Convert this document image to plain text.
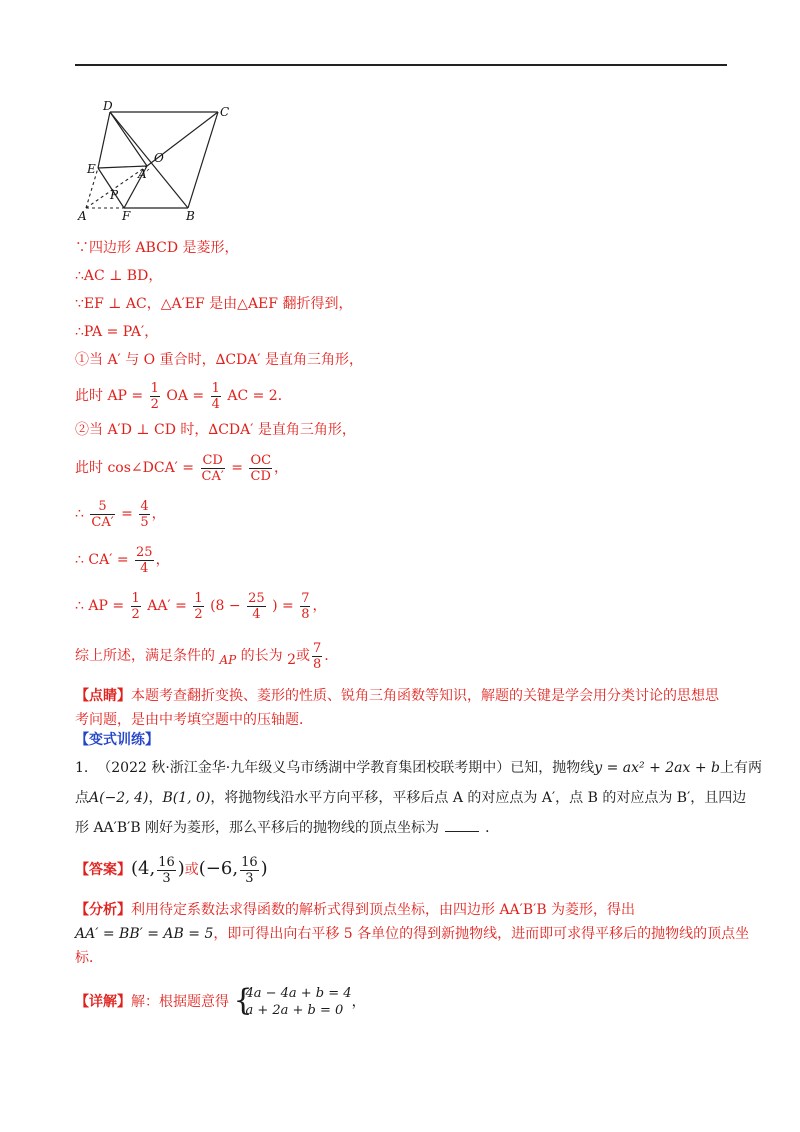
D	C
E
O
A′
P
A	F	B
∵四边形 ABCD 是菱形，
∴AC ⊥ BD，
∵EF ⊥ AC，△A′EF 是由△AEF 翻折得到，
∴PA = PA′，
①当 A′ 与 O 重合时，∆CDA′ 是直角三角形，
此时 AP = $\frac{1}{2}$ OA = $\frac{1}{4}$ AC = 2．
②当 A′D ⊥ CD 时，∆CDA′ 是直角三角形，
此时 cos∠DCA′ = $\frac{CD}{CA'} = \frac{OC}{CD}$ ，
∴ $\frac{5}{CA'} = \frac{4}{5}$ ，
∴ $CA' = \frac{25}{4}$ ，
∴ AP = $\frac{1}{2} AA' = \frac{1}{2} (8 - \frac{25}{4}$ ) = $\frac{7}{8}$ ，
综上所述，满足条件的 AP 的长为 2或 $\frac{7}{8}$ ．
【点睛】本题考查翻折变换、菱形的性质、锐角三角函数等知识，解题的关键是学会用分类讨论的思想思考问题，是由中考填空题中的压轴题．
【变式训练】
1. （2022 秋·浙江金华·九年级义乌市绣湖中学教育集团校联考期中）已知，抛物线y = ax² + 2ax + b上有两
点A(−2, 4)，B(1, 0)，将抛物线沿水平方向平移，平移后点 A 的对应点为 A′，点 B 的对应点为 B′，且四边
形 AA′B′B 刚好为菱形，那么平移后的抛物线的顶点坐标为	．
【答案】(4, $\frac{16}{3}$ )或(−6, $\frac{16}{3}$ )
【分析】利用待定系数法求得函数的解析式得到顶点坐标，由四边形 AA′B′B 为菱形，得出
AA′ = BB′ = AB = 5，即可得出向右平移 5 各单位的得到新抛物线，进而即可求得平移后的抛物线的顶点坐
标．
【详解】解：根据题意得 {
4a − 4a + b = 4
a + 2a + b = 0
，
